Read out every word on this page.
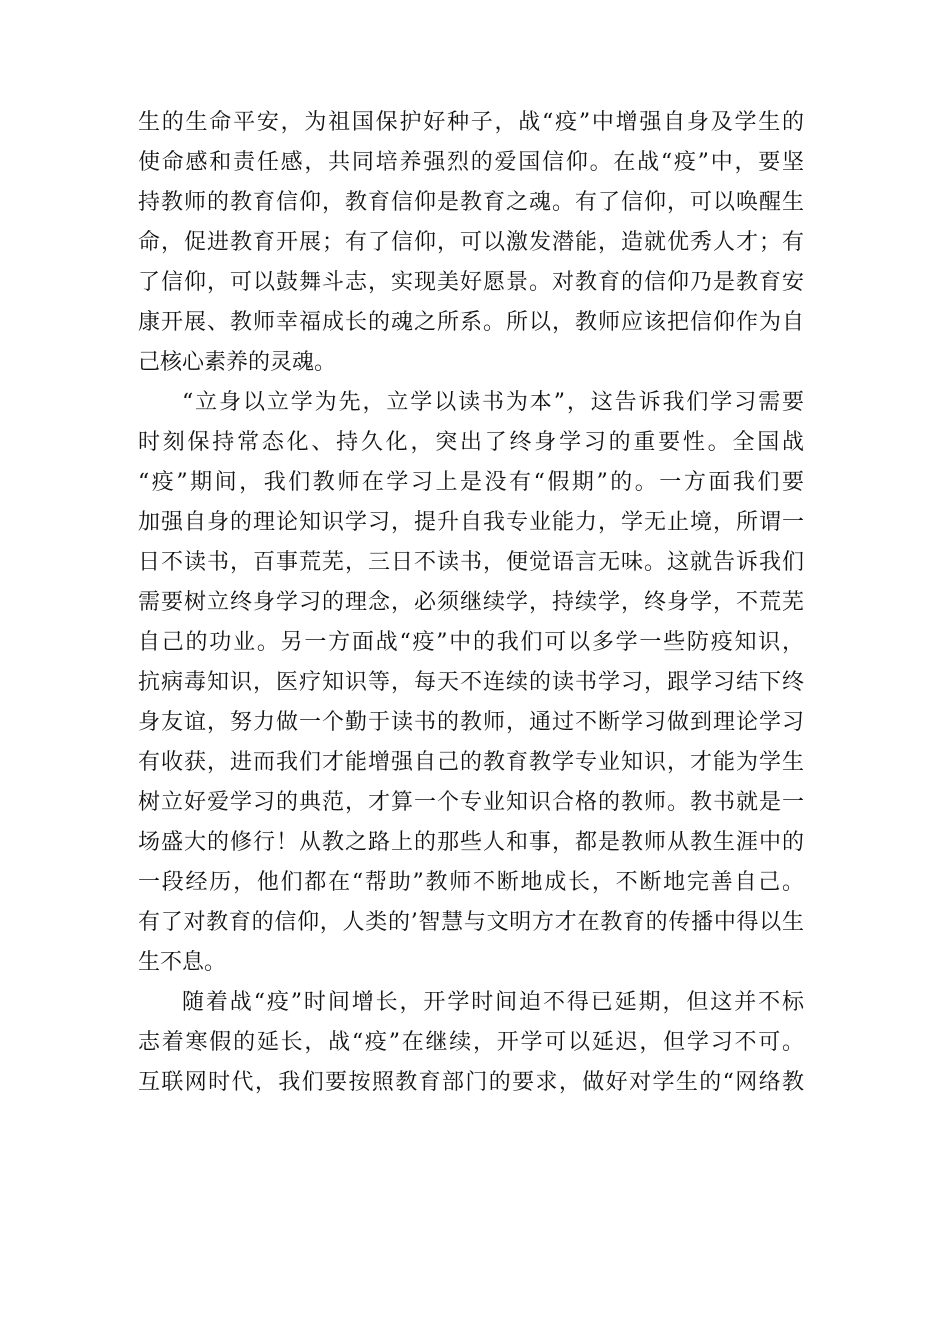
生的生命平安，为祖国保护好种子，战“疫”中增强自身及学生的
使命感和责任感，共同培养强烈的爱国信仰。在战“疫”中，要坚
持教师的教育信仰，教育信仰是教育之魂。有了信仰，可以唤醒生
命，促进教育开展；有了信仰，可以激发潜能，造就优秀人才；有
了信仰，可以鼓舞斗志，实现美好愿景。对教育的信仰乃是教育安
康开展、教师幸福成长的魂之所系。所以，教师应该把信仰作为自
己核心素养的灵魂。
“立身以立学为先，立学以读书为本”，这告诉我们学习需要
时刻保持常态化、持久化，突出了终身学习的重要性。全国战
“疫”期间，我们教师在学习上是没有“假期”的。一方面我们要
加强自身的理论知识学习，提升自我专业能力，学无止境，所谓一
日不读书，百事荒芜，三日不读书，便觉语言无味。这就告诉我们
需要树立终身学习的理念，必须继续学，持续学，终身学，不荒芜
自己的功业。另一方面战“疫”中的我们可以多学一些防疫知识，
抗病毒知识，医疗知识等，每天不连续的读书学习，跟学习结下终
身友谊，努力做一个勤于读书的教师，通过不断学习做到理论学习
有收获，进而我们才能增强自己的教育教学专业知识，才能为学生
树立好爱学习的典范，才算一个专业知识合格的教师。教书就是一
场盛大的修行！从教之路上的那些人和事，都是教师从教生涯中的
一段经历，他们都在“帮助”教师不断地成长，不断地完善自己。
有了对教育的信仰，人类的’智慧与文明方才在教育的传播中得以生
生不息。
随着战“疫”时间增长，开学时间迫不得已延期，但这并不标
志着寒假的延长，战“疫”在继续，开学可以延迟，但学习不可。
互联网时代，我们要按照教育部门的要求，做好对学生的“网络教
